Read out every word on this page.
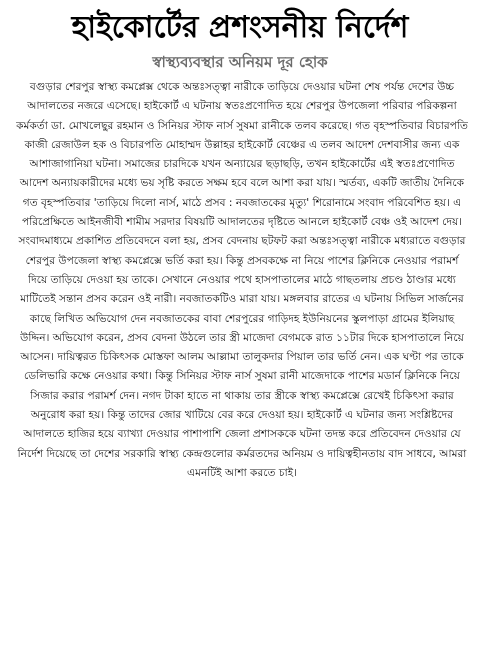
হাইকোর্টের প্রশংসনীয় নির্দেশ
স্বাস্থ্যব্যবস্থার অনিয়ম দূর হোক

বগুড়ার শেরপুর স্বাস্থ্য কমপ্লেক্স থেকে অন্তঃসত্ত্বা নারীকে তাড়িয়ে দেওয়ার ঘটনা শেষ পর্যন্ত দেশের উচ্চ আদালতের নজরে এসেছে। হাইকোর্ট এ ঘটনায় স্বতঃপ্রণোদিত হয়ে শেরপুর উপজেলা পরিবার পরিকল্পনা কর্মকর্তা ডা. মোখলেছুর রহমান ও সিনিয়র স্টাফ নার্স সুষমা রানীকে তলব করেছে। গত বৃহস্পতিবার বিচারপতি কাজী রেজাউল হক ও বিচারপতি মোহাম্মদ উল্লাহর হাইকোর্ট বেঞ্চের এ তলব আদেশ দেশবাসীর জন্য এক আশাজাগানিয়া ঘটনা। সমাজের চারদিকে যখন অন্যায়ের ছড়াছড়ি, তখন হাইকোর্টের এই স্বতঃপ্রণোদিত আদেশ অন্যায়কারীদের মধ্যে ভয় সৃষ্টি করতে সক্ষম হবে বলে আশা করা যায়। স্মর্তব্য, একটি জাতীয় দৈনিকে গত বৃহস্পতিবার 'তাড়িয়ে দিলো নার্স, মাঠে প্রসব : নবজাতকের মৃত্যু' শিরোনামে সংবাদ পরিবেশিত হয়। এ পরিপ্রেক্ষিতে আইনজীবী শামীম সরদার বিষয়টি আদালতের দৃষ্টিতে আনলে হাইকোর্ট বেঞ্চ ওই আদেশ দেয়। সংবাদমাধ্যমে প্রকাশিত প্রতিবেদনে বলা হয়, প্রসব বেদনায় ছটফট করা অন্তঃসত্ত্বা নারীকে মধ্যরাতে বগুড়ার শেরপুর উপজেলা স্বাস্থ্য কমপ্লেক্সে ভর্তি করা হয়। কিন্তু প্রসবকক্ষে না নিয়ে পাশের ক্লিনিকে নেওয়ার পরামর্শ দিয়ে তাড়িয়ে দেওয়া হয় তাকে। সেখানে নেওয়ার পথে হাসপাতালের মাঠে গাছতলায় প্রচণ্ড ঠাণ্ডার মধ্যে মাটিতেই সন্তান প্রসব করেন ওই নারী। নবজাতকটিও মারা যায়। মঙ্গলবার রাতের এ ঘটনায় সিভিল সার্জনের কাছে লিখিত অভিযোগ দেন নবজাতকের বাবা শেরপুরের গাড়িদহ ইউনিয়নের স্কুলপাড়া গ্রামের ইলিয়াছ উদ্দিন। অভিযোগ করেন, প্রসব বেদনা উঠলে তার স্ত্রী মাজেদা বেগমকে রাত ১১টার দিকে হাসপাতালে নিয়ে আসেন। দায়িত্বরত চিকিৎসক মোস্তফা আলম আল্লামা তালুকদার পিয়াল তার ভর্তি নেন। এক ঘণ্টা পর তাকে ডেলিভারি কক্ষে নেওয়ার কথা। কিন্তু সিনিয়র স্টাফ নার্স সুষমা রানী মাজেদাকে পাশের মডার্ন ক্লিনিকে নিয়ে সিজার করার পরামর্শ দেন। নগদ টাকা হাতে না থাকায় তার স্ত্রীকে স্বাস্থ্য কমপ্লেক্সে রেখেই চিকিৎসা করার অনুরোধ করা হয়। কিন্তু তাদের জোর খাটিয়ে বের করে দেওয়া হয়। হাইকোর্ট এ ঘটনার জন্য সংশ্লিষ্টদের আদালতে হাজির হয়ে ব্যাখ্যা দেওয়ার পাশাপাশি জেলা প্রশাসককে ঘটনা তদন্ত করে প্রতিবেদন দেওয়ার যে নির্দেশ দিয়েছে তা দেশের সরকারি স্বাস্থ্য কেন্দ্রগুলোর কর্মরতদের অনিয়ম ও দায়িত্বহীনতায় বাদ সাধবে, আমরা এমনটিই আশা করতে চাই।
